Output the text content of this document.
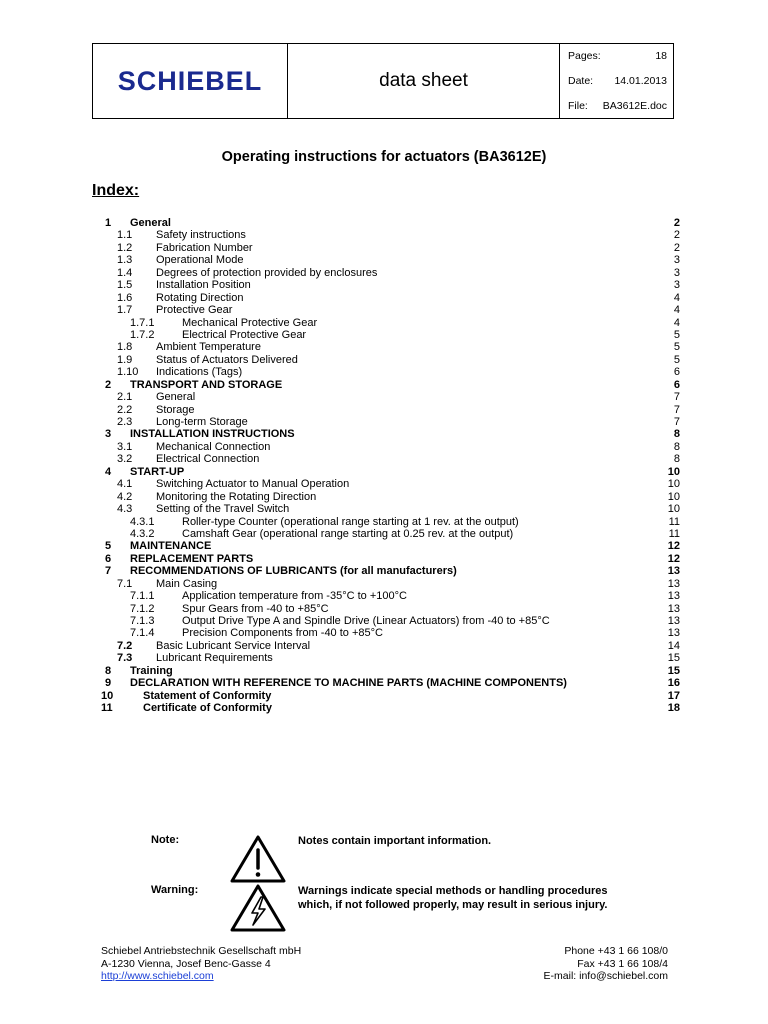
SCHIEBEL	data sheet
Pages:	18
Date: 14.01.2013
File: BA3612E.doc
Operating instructions for actuators (BA3612E)
Index:
1 General	2
1.1 Safety instructions	2
1.2 Fabrication Number	2
1.3 Operational Mode	3
1.4 Degrees of protection provided by enclosures	3
1.5 Installation Position	3
1.6 Rotating Direction	4
1.7 Protective Gear	4
1.7.1	Mechanical Protective Gear	4
1.7.2	Electrical Protective Gear	5
1.8 Ambient Temperature	5
1.9 Status of Actuators Delivered	5
1.10 Indications (Tags)	6
2 TRANSPORT AND STORAGE	6
2.1 General	7
2.2 Storage	7
2.3 Long-term Storage	7
3 INSTALLATION INSTRUCTIONS	8
3.1 Mechanical Connection	8
3.2 Electrical Connection	8
4 START-UP	10
4.1 Switching Actuator to Manual Operation	10
4.2 Monitoring the Rotating Direction	10
4.3 Setting of the Travel Switch	10
4.3.1	Roller-type Counter (operational range starting at 1 rev. at the output)	11
4.3.2	Camshaft Gear (operational range starting at 0.25 rev. at the output)	11
5 MAINTENANCE	12
6 REPLACEMENT PARTS	12
7 RECOMMENDATIONS OF LUBRICANTS (for all manufacturers)	13
7.1 Main Casing	13
7.1.1	Application temperature from -35°C to +100°C	13
7.1.2	Spur Gears from -40 to +85°C	13
7.1.3	Output Drive Type A and Spindle Drive (Linear Actuators) from -40 to +85°C	13
7.1.4	Precision Components from -40 to +85°C	13
7.2 Basic Lubricant Service Interval	14
7.3 Lubricant Requirements	15
8 Training	15
9 DECLARATION WITH REFERENCE TO MACHINE PARTS (MACHINE COMPONENTS)	16
10	Statement of Conformity	17
11	Certificate of Conformity	18
Note:	Notes contain important information.
Warning:	Warnings indicate special methods or handling procedures which, if not followed properly, may result in serious injury.
Schiebel Antriebstechnik Gesellschaft mbH
A-1230 Vienna, Josef Benc-Gasse 4
http://www.schiebel.com
Phone +43 1 66 108/0
Fax +43 1 66 108/4
E-mail: info@schiebel.com
